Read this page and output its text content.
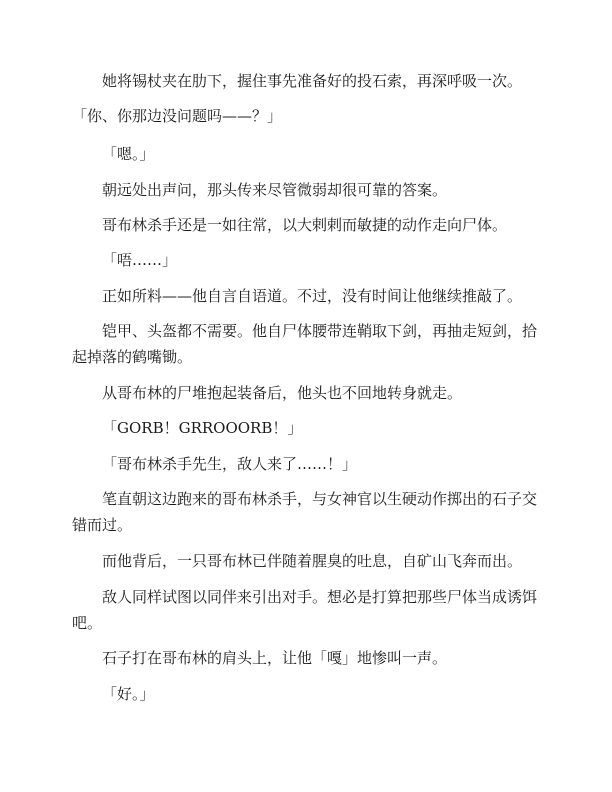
她将锡杖夹在肋下，握住事先准备好的投石索，再深呼吸一次。

「你、你那边没问题吗——？」

「嗯。」

朝远处出声问，那头传来尽管微弱却很可靠的答案。

哥布林杀手还是一如往常，以大剌剌而敏捷的动作走向尸体。

「唔……」

正如所料——他自言自语道。不过，没有时间让他继续推敲了。

铠甲、头盔都不需要。他自尸体腰带连鞘取下剑，再抽走短剑，拾起掉落的鹤嘴锄。

从哥布林的尸堆抱起装备后，他头也不回地转身就走。

「GORB！GRROOORB！」

「哥布林杀手先生，敌人来了……！」

笔直朝这边跑来的哥布林杀手，与女神官以生硬动作掷出的石子交错而过。

而他背后，一只哥布林已伴随着腥臭的吐息，自矿山飞奔而出。

敌人同样试图以同伴来引出对手。想必是打算把那些尸体当成诱饵吧。

石子打在哥布林的肩头上，让他「嘎」地惨叫一声。

「好。」
